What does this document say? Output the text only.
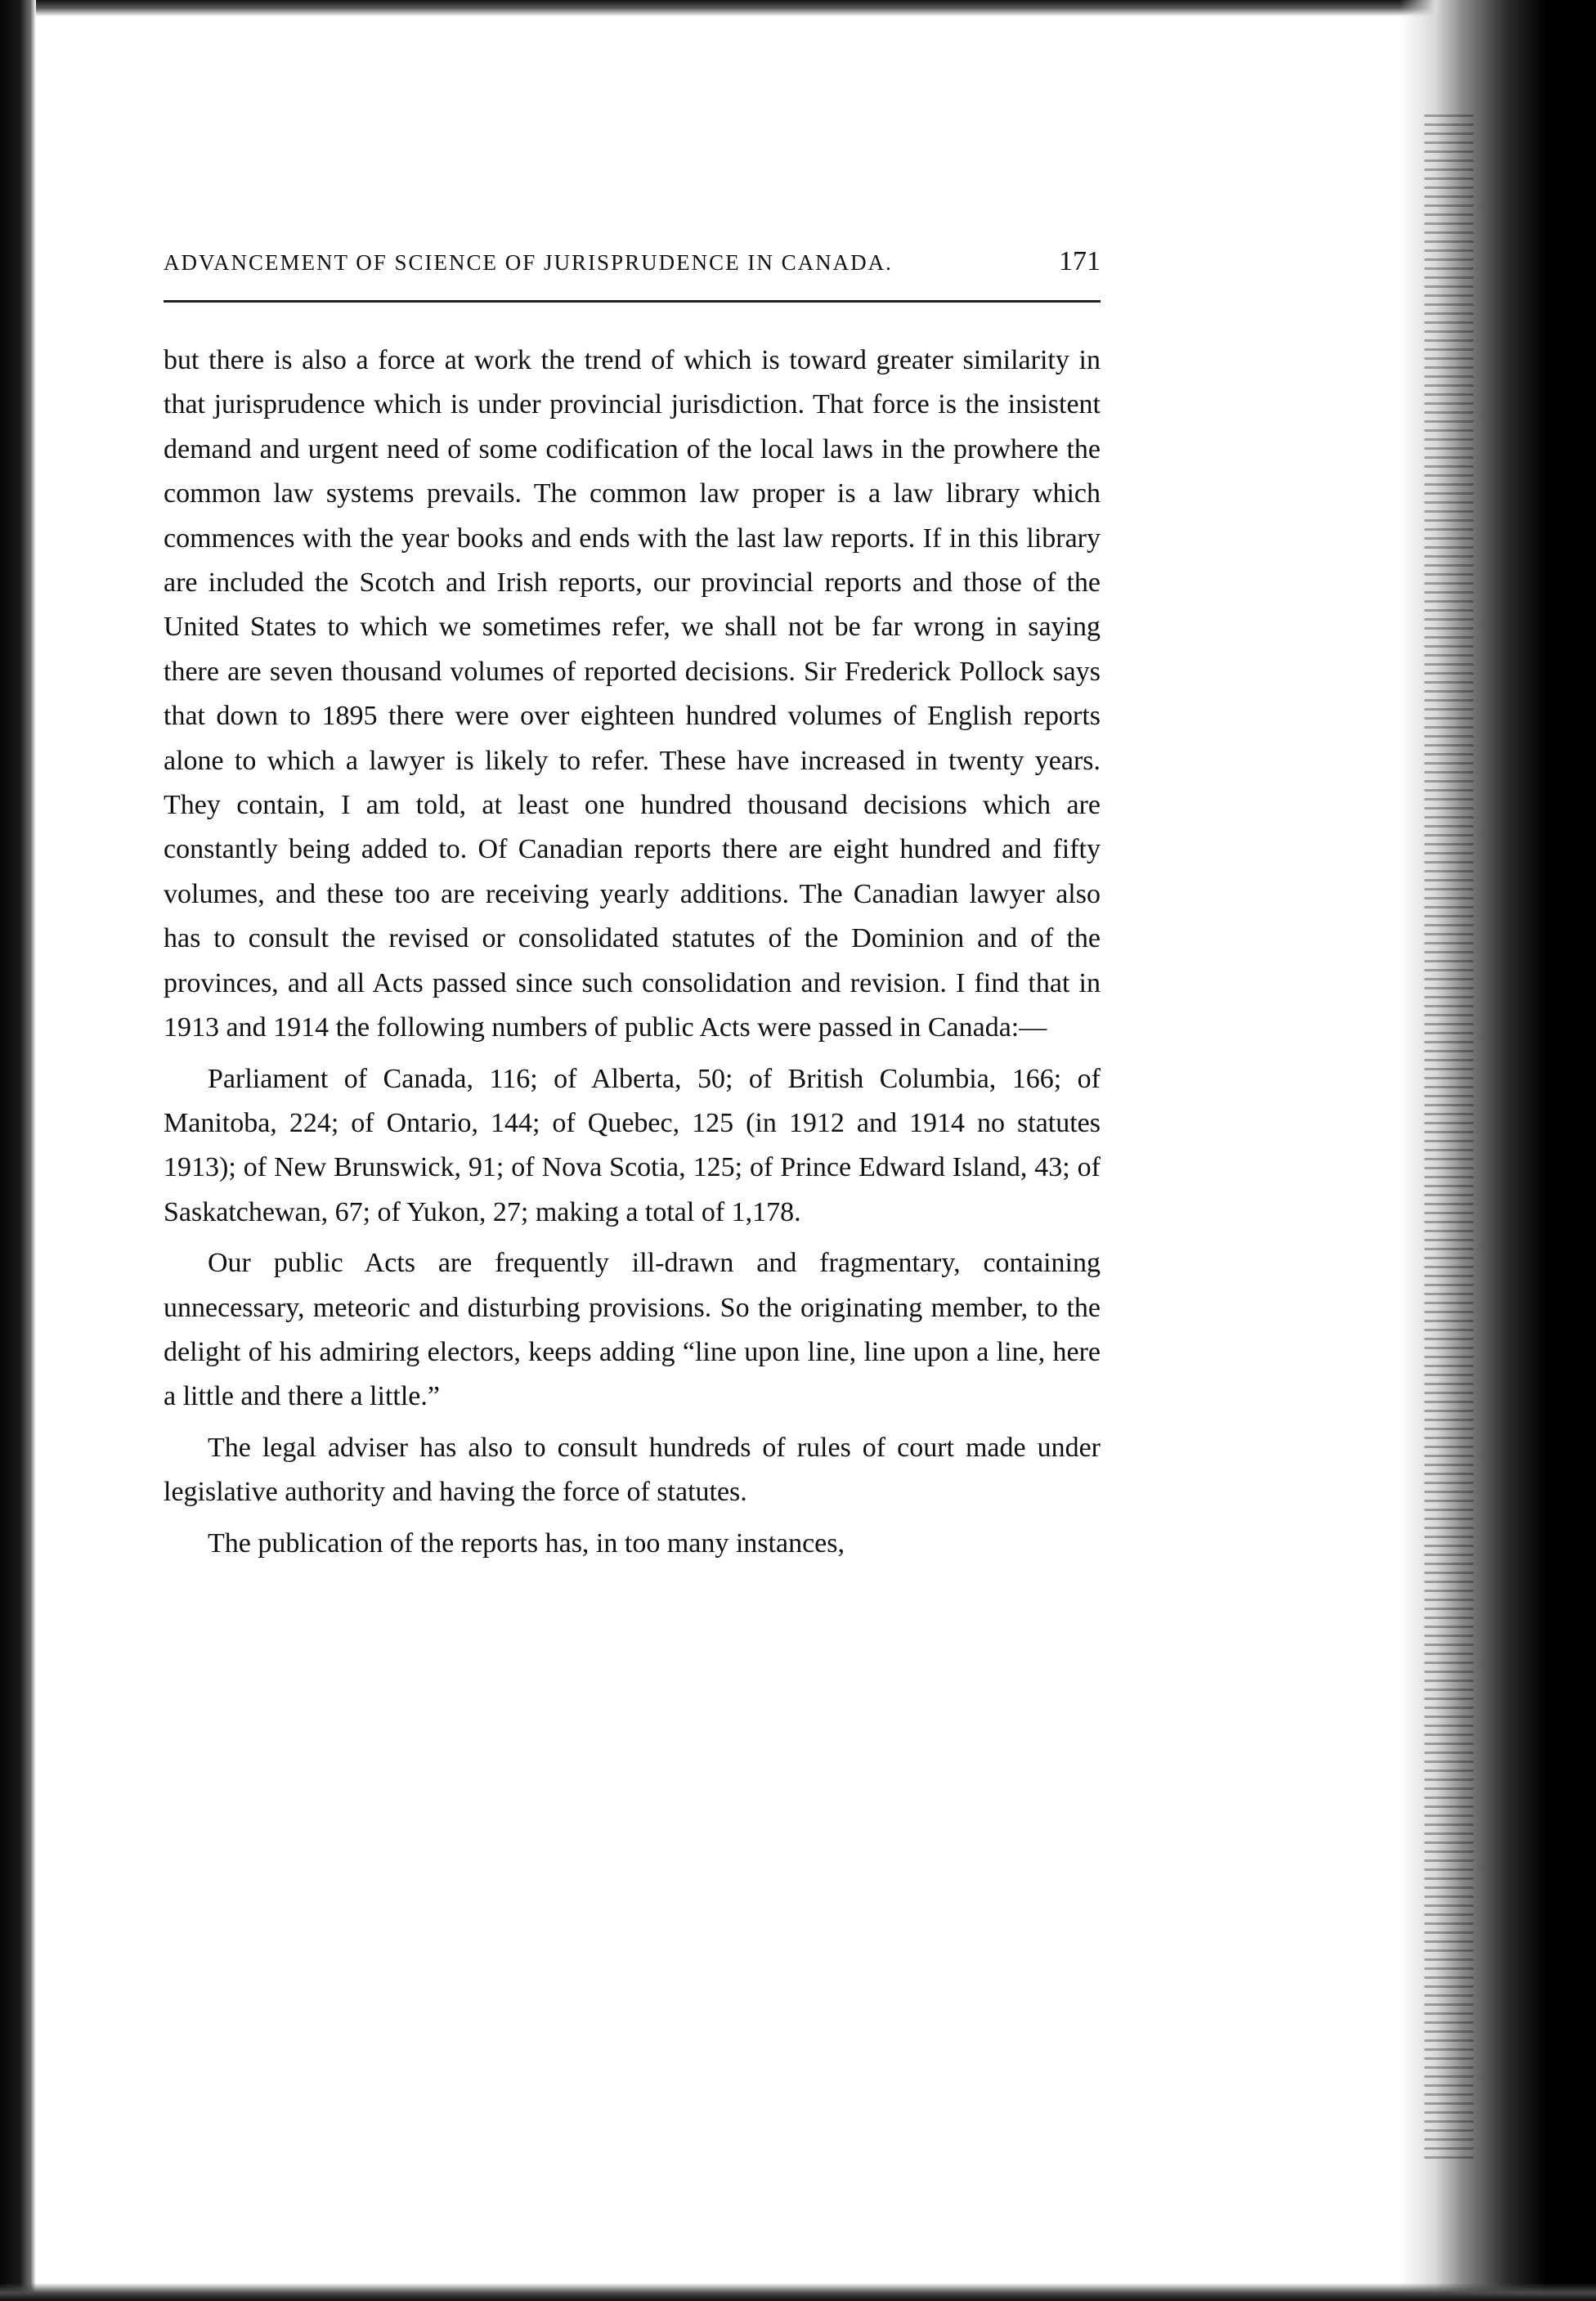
ADVANCEMENT OF SCIENCE OF JURISPRUDENCE IN CANADA.	171

but there is also a force at work the trend of which is toward greater similarity in that jurisprudence which is under provincial jurisdiction. That force is the insistent demand and urgent need of some codification of the local laws in the prowhere the common law systems prevails. The common law proper is a law library which commences with the year books and ends with the last law reports. If in this library are included the Scotch and Irish reports, our provincial reports and those of the United States to which we sometimes refer, we shall not be far wrong in saying there are seven thousand volumes of reported decisions. Sir Frederick Pollock says that down to 1895 there were over eighteen hundred volumes of English reports alone to which a lawyer is likely to refer. These have increased in twenty years. They contain, I am told, at least one hundred thousand decisions which are constantly being added to. Of Canadian reports there are eight hundred and fifty volumes, and these too are receiving yearly additions. The Canadian lawyer also has to consult the revised or consolidated statutes of the Dominion and of the provinces, and all Acts passed since such consolidation and revision. I find that in 1913 and 1914 the following numbers of public Acts were passed in Canada:—

Parliament of Canada, 116; of Alberta, 50; of British Columbia, 166; of Manitoba, 224; of Ontario, 144; of Quebec, 125 (in 1912 and 1914 no statutes 1913); of New Brunswick, 91; of Nova Scotia, 125; of Prince Edward Island, 43; of Saskatchewan, 67; of Yukon, 27; making a total of 1,178.

Our public Acts are frequently ill-drawn and fragmentary, containing unnecessary, meteoric and disturbing provisions. So the originating member, to the delight of his admiring electors, keeps adding “line upon line, line upon a line, here a little and there a little.”

The legal adviser has also to consult hundreds of rules of court made under legislative authority and having the force of statutes.

The publication of the reports has, in too many instances,
